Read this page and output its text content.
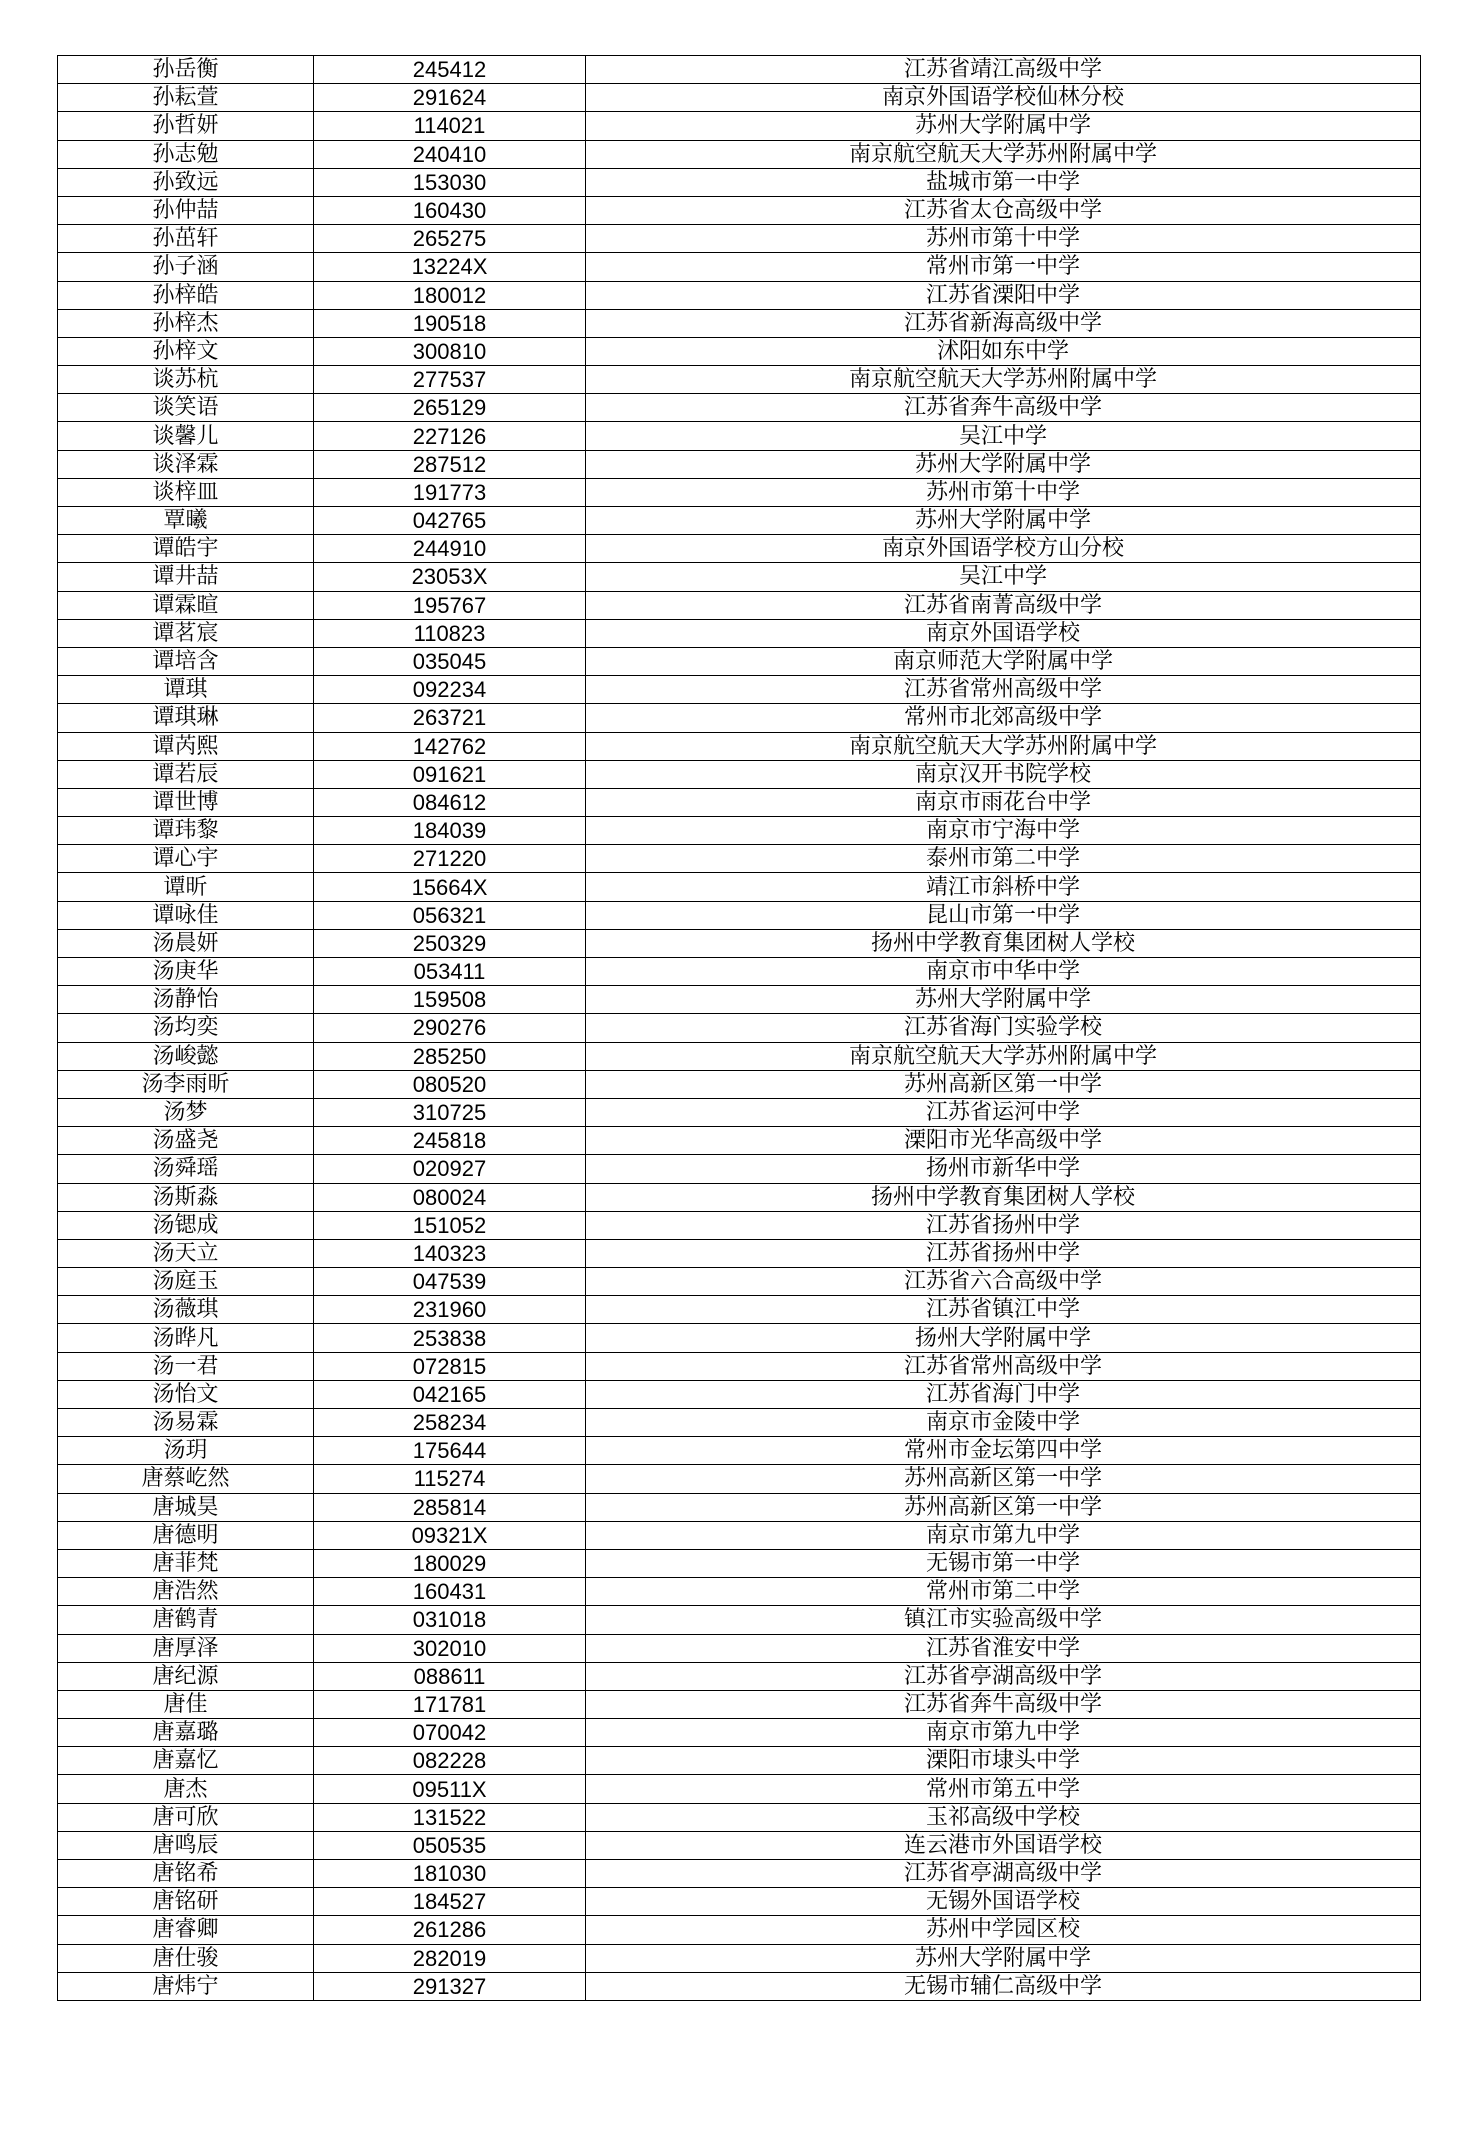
孙岳衡	245412	江苏省靖江高级中学
孙耘萱	291624	南京外国语学校仙林分校
孙哲妍	114021	苏州大学附属中学
孙志勉	240410	南京航空航天大学苏州附属中学
孙致远	153030	盐城市第一中学
孙仲喆	160430	江苏省太仓高级中学
孙茁轩	265275	苏州市第十中学
孙子涵	13224X	常州市第一中学
孙梓皓	180012	江苏省溧阳中学
孙梓杰	190518	江苏省新海高级中学
孙梓文	300810	沭阳如东中学
谈苏杭	277537	南京航空航天大学苏州附属中学
谈笑语	265129	江苏省奔牛高级中学
谈馨儿	227126	吴江中学
谈泽霖	287512	苏州大学附属中学
谈梓皿	191773	苏州市第十中学
覃曦	042765	苏州大学附属中学
谭皓宇	244910	南京外国语学校方山分校
谭井喆	23053X	吴江中学
谭霖暄	195767	江苏省南菁高级中学
谭茗宸	110823	南京外国语学校
谭培含	035045	南京师范大学附属中学
谭琪	092234	江苏省常州高级中学
谭琪琳	263721	常州市北郊高级中学
谭芮熙	142762	南京航空航天大学苏州附属中学
谭若辰	091621	南京汉开书院学校
谭世博	084612	南京市雨花台中学
谭玮黎	184039	南京市宁海中学
谭心宇	271220	泰州市第二中学
谭昕	15664X	靖江市斜桥中学
谭咏佳	056321	昆山市第一中学
汤晨妍	250329	扬州中学教育集团树人学校
汤庚华	053411	南京市中华中学
汤静怡	159508	苏州大学附属中学
汤均奕	290276	江苏省海门实验学校
汤峻懿	285250	南京航空航天大学苏州附属中学
汤李雨昕	080520	苏州高新区第一中学
汤梦	310725	江苏省运河中学
汤盛尧	245818	溧阳市光华高级中学
汤舜瑶	020927	扬州市新华中学
汤斯淼	080024	扬州中学教育集团树人学校
汤锶成	151052	江苏省扬州中学
汤天立	140323	江苏省扬州中学
汤庭玉	047539	江苏省六合高级中学
汤薇琪	231960	江苏省镇江中学
汤晔凡	253838	扬州大学附属中学
汤一君	072815	江苏省常州高级中学
汤怡文	042165	江苏省海门中学
汤易霖	258234	南京市金陵中学
汤玥	175644	常州市金坛第四中学
唐蔡屹然	115274	苏州高新区第一中学
唐城昊	285814	苏州高新区第一中学
唐德明	09321X	南京市第九中学
唐菲梵	180029	无锡市第一中学
唐浩然	160431	常州市第二中学
唐鹤青	031018	镇江市实验高级中学
唐厚泽	302010	江苏省淮安中学
唐纪源	088611	江苏省亭湖高级中学
唐佳	171781	江苏省奔牛高级中学
唐嘉璐	070042	南京市第九中学
唐嘉忆	082228	溧阳市埭头中学
唐杰	09511X	常州市第五中学
唐可欣	131522	玉祁高级中学校
唐鸣辰	050535	连云港市外国语学校
唐铭希	181030	江苏省亭湖高级中学
唐铭研	184527	无锡外国语学校
唐睿卿	261286	苏州中学园区校
唐仕骏	282019	苏州大学附属中学
唐炜宁	291327	无锡市辅仁高级中学
